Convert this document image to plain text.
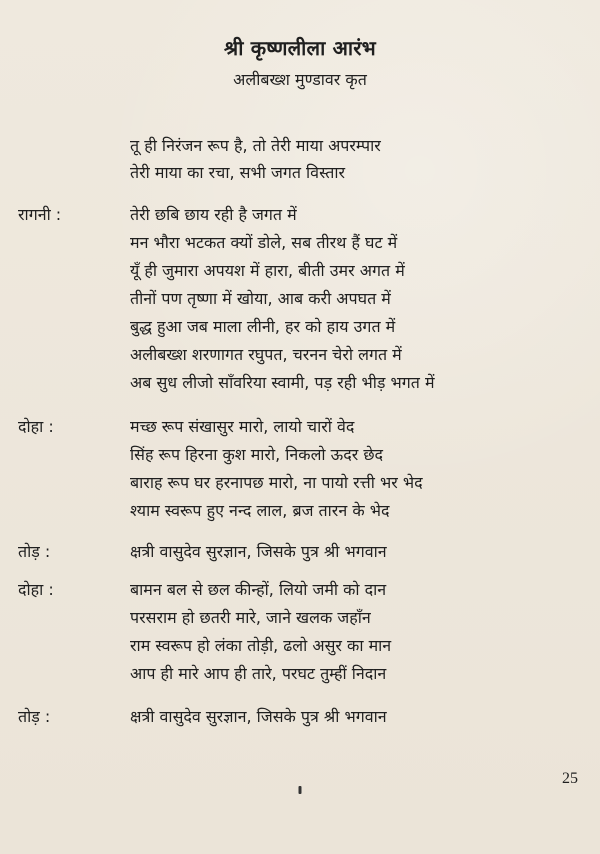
श्री कृष्णलीला आरंभ
अलीबख्श मुण्डावर कृत
तू ही निरंजन रूप है, तो तेरी माया अपरम्पार
तेरी माया का रचा, सभी जगत विस्तार
रागनी :	तेरी छबि छाय रही है जगत में
मन भौरा भटकत क्यों डोले, सब तीरथ हैं घट में
यूँ ही जुमारा अपयश में हारा, बीती उमर अगत में
तीनों पण तृष्णा में खोया, आब करी अपघत में
बुद्ध हुआ जब माला लीनी, हर को हाय उगत में
अलीबख्श शरणागत रघुपत, चरनन चेरो लगत में
अब सुध लीजो साँवरिया स्वामी, पड़ रही भीड़ भगत में
दोहा :	मच्छ रूप संखासुर मारो, लायो चारों वेद
सिंह रूप हिरना कुश मारो, निकलो ऊदर छेद
बाराह रूप घर हरनापछ मारो, ना पायो रत्ती भर भेद
श्याम स्वरूप हुए नन्द लाल, ब्रज तारन के भेद
तोड़ :	क्षत्री वासुदेव सुरज्ञान, जिसके पुत्र श्री भगवान
दोहा :	बामन बल से छल कीन्हों, लियो जमी को दान
परसराम हो छतरी मारे, जाने खलक जहाँन
राम स्वरूप हो लंका तोड़ी, ढलो असुर का मान
आप ही मारे आप ही तारे, परघट तुम्हीं निदान
तोड़ :	क्षत्री वासुदेव सुरज्ञान, जिसके पुत्र श्री भगवान
25
